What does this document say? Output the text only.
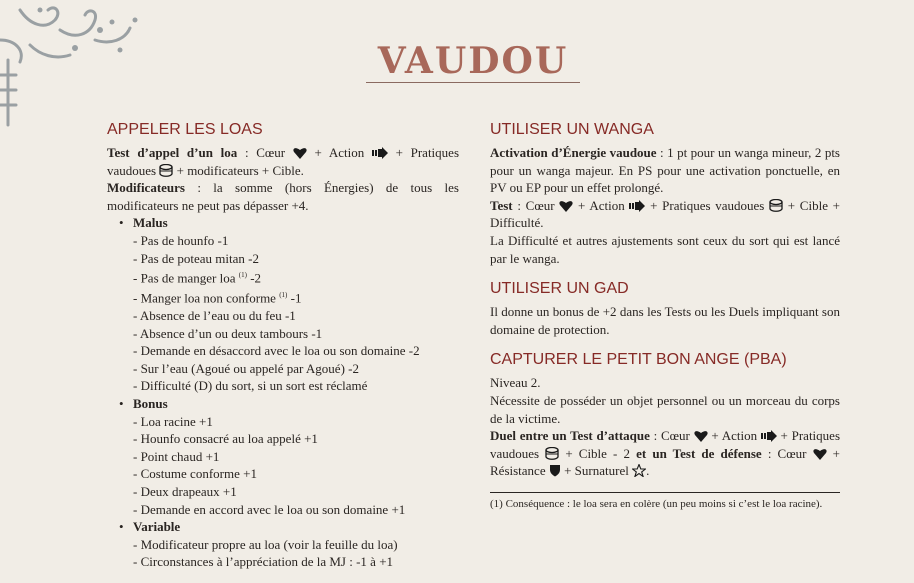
VAUDOU
APPELER LES LOAS

Test d’appel d’un loa : Cœur  + Action  + Pratiques vaudoues  + modificateurs + Cible.

Modificateurs : la somme (hors Énergies) de tous les modificateurs ne peut pas dépasser +4.

• Malus
- Pas de hounfo -1
- Pas de poteau mitan -2
- Pas de manger loa $^{(1)}$ -2
- Manger loa non conforme $^{(1)}$ -1
- Absence de l’eau ou du feu -1
- Absence d’un ou deux tambours -1
- Demande en désaccord avec le loa ou son domaine -2
- Sur l’eau (Agoué ou appelé par Agoué) -2
- Difficulté (D) du sort, si un sort est réclamé
• Bonus
- Loa racine +1
- Hounfo consacré au loa appelé +1
- Point chaud +1
- Costume conforme +1
- Deux drapeaux +1
- Demande en accord avec le loa ou son domaine +1
• Variable
- Modificateur propre au loa (voir la feuille du loa)
- Circonstances à l’appréciation de la MJ : -1 à +1
UTILISER UN WANGA

Activation d’Énergie vaudoue : 1 pt pour un wanga mineur, 2 pts pour un wanga majeur. En PS pour une activation ponctuelle, en PV ou EP pour un effet prolongé.

Test : Cœur  + Action  + Pratiques vaudoues  + Cible + Difficulté.

La Difficulté et autres ajustements sont ceux du sort qui est lancé par le wanga.

UTILISER UN GAD

Il donne un bonus de +2 dans les Tests ou les Duels impliquant son domaine de protection.

CAPTURER LE PETIT BON ANGE (PBA)

Niveau 2.

Nécessite de posséder un objet personnel ou un morceau du corps de la victime.

Duel entre un Test d’attaque : Cœur  + Action  + Pratiques vaudoues  + Cible - 2 et un Test de défense : Cœur  + Résistance  + Surnaturel .

(1) Conséquence : le loa sera en colère (un peu moins si c’est le loa racine).
